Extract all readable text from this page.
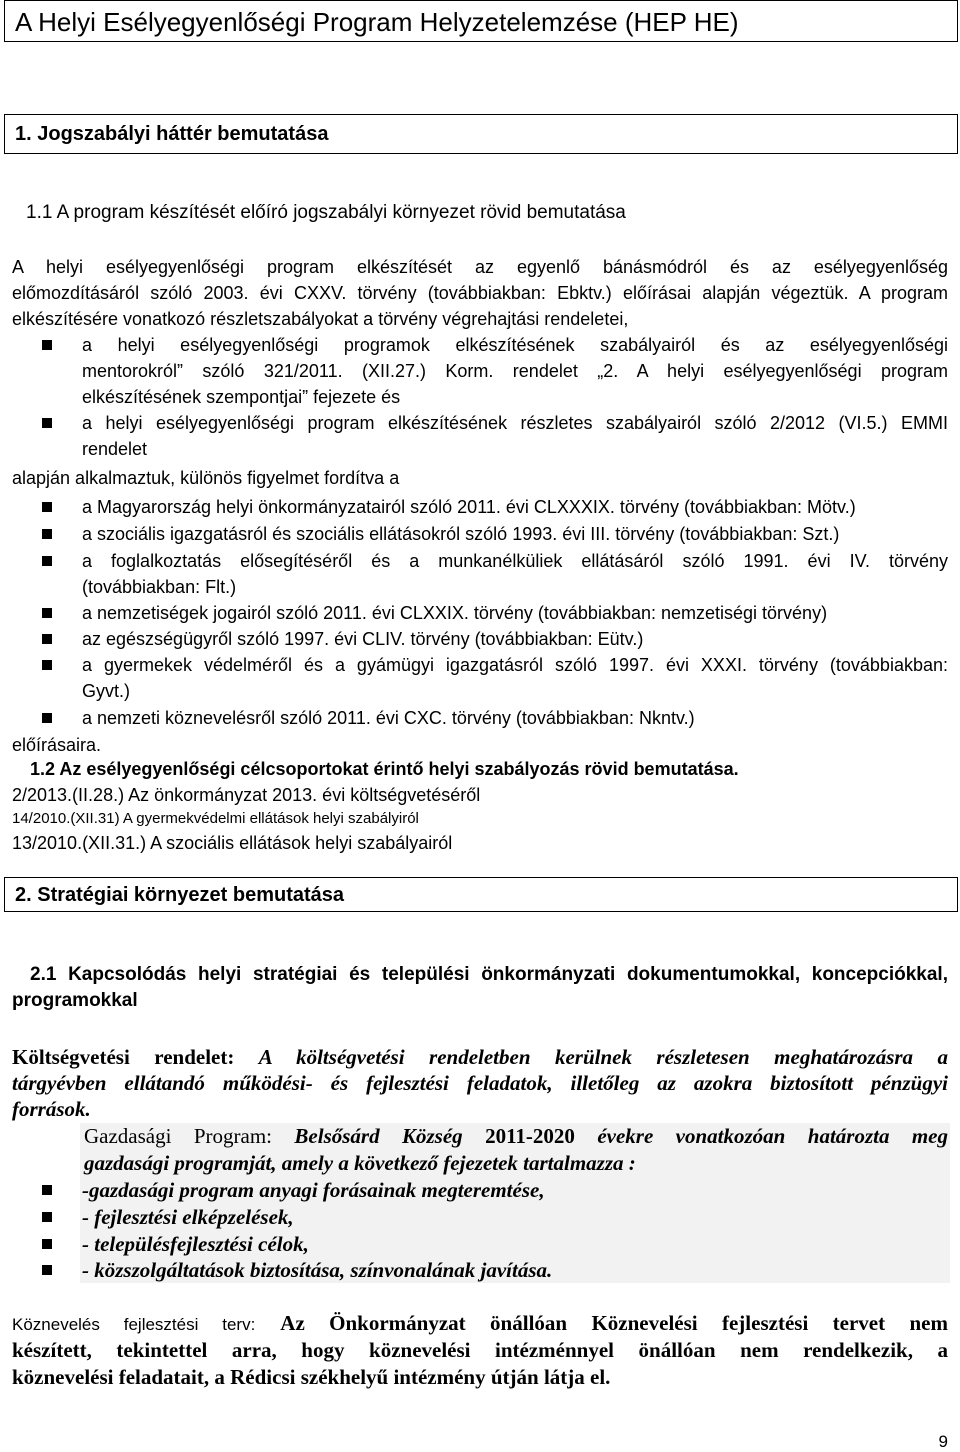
A Helyi Esélyegyenlőségi Program Helyzetelemzése (HEP HE)
1. Jogszabályi háttér bemutatása
1.1 A program készítését előíró jogszabályi környezet rövid bemutatása
A helyi esélyegyenlőségi program elkészítését az egyenlő bánásmódról és az esélyegyenlőség
előmozdításáról szóló 2003. évi CXXV. törvény (továbbiakban: Ebktv.) előírásai alapján végeztük. A program
elkészítésére vonatkozó részletszabályokat a törvény végrehajtási rendeletei,
a helyi esélyegyenlőségi programok elkészítésének szabályairól és az esélyegyenlőségi
mentorokról” szóló 321/2011. (XII.27.) Korm. rendelet „2. A helyi esélyegyenlőségi program
elkészítésének szempontjai” fejezete és
a helyi esélyegyenlőségi program elkészítésének részletes szabályairól szóló 2/2012 (VI.5.) EMMI
rendelet
alapján alkalmaztuk, különös figyelmet fordítva a
a Magyarország helyi önkormányzatairól szóló 2011. évi CLXXXIX. törvény (továbbiakban: Mötv.)
a szociális igazgatásról és szociális ellátásokról szóló 1993. évi III. törvény (továbbiakban: Szt.)
a foglalkoztatás elősegítéséről és a munkanélküliek ellátásáról szóló 1991. évi IV. törvény
(továbbiakban: Flt.)
a nemzetiségek jogairól szóló 2011. évi CLXXIX. törvény (továbbiakban: nemzetiségi törvény)
az egészségügyről szóló 1997. évi CLIV. törvény (továbbiakban: Eütv.)
a gyermekek védelméről és a gyámügyi igazgatásról szóló 1997. évi XXXI. törvény (továbbiakban:
Gyvt.)
a nemzeti köznevelésről szóló 2011. évi CXC. törvény (továbbiakban: Nkntv.)
előírásaira.
1.2 Az esélyegyenlőségi célcsoportokat érintő helyi szabályozás rövid bemutatása.
2/2013.(II.28.) Az önkormányzat 2013. évi költségvetéséről
14/2010.(XII.31) A gyermekvédelmi ellátások helyi szabályiról
13/2010.(XII.31.) A szociális ellátások helyi szabályairól
2. Stratégiai környezet bemutatása
2.1 Kapcsolódás helyi stratégiai és települési önkormányzati dokumentumokkal, koncepciókkal,
programokkal
Költségvetési rendelet: A költségvetési rendeletben kerülnek részletesen meghatározásra a
tárgyévben ellátandó működési- és fejlesztési feladatok, illetőleg az azokra biztosított pénzügyi
források.
Gazdasági Program: Belsősárd Község 2011-2020 évekre vonatkozóan határozta meg
gazdasági programját, amely a következő fejezetek tartalmazza :
-gazdasági program anyagi forásainak megteremtése,
- fejlesztési elképzelések,
- településfejlesztési célok,
- közszolgáltatások biztosítása, színvonalának javítása.
Köznevelés fejlesztési terv: Az Önkormányzat önállóan Köznevelési fejlesztési tervet nem
készített, tekintettel arra, hogy köznevelési intézménnyel önállóan nem rendelkezik, a
köznevelési feladatait, a Rédicsi székhelyű intézmény útján látja el.
9
